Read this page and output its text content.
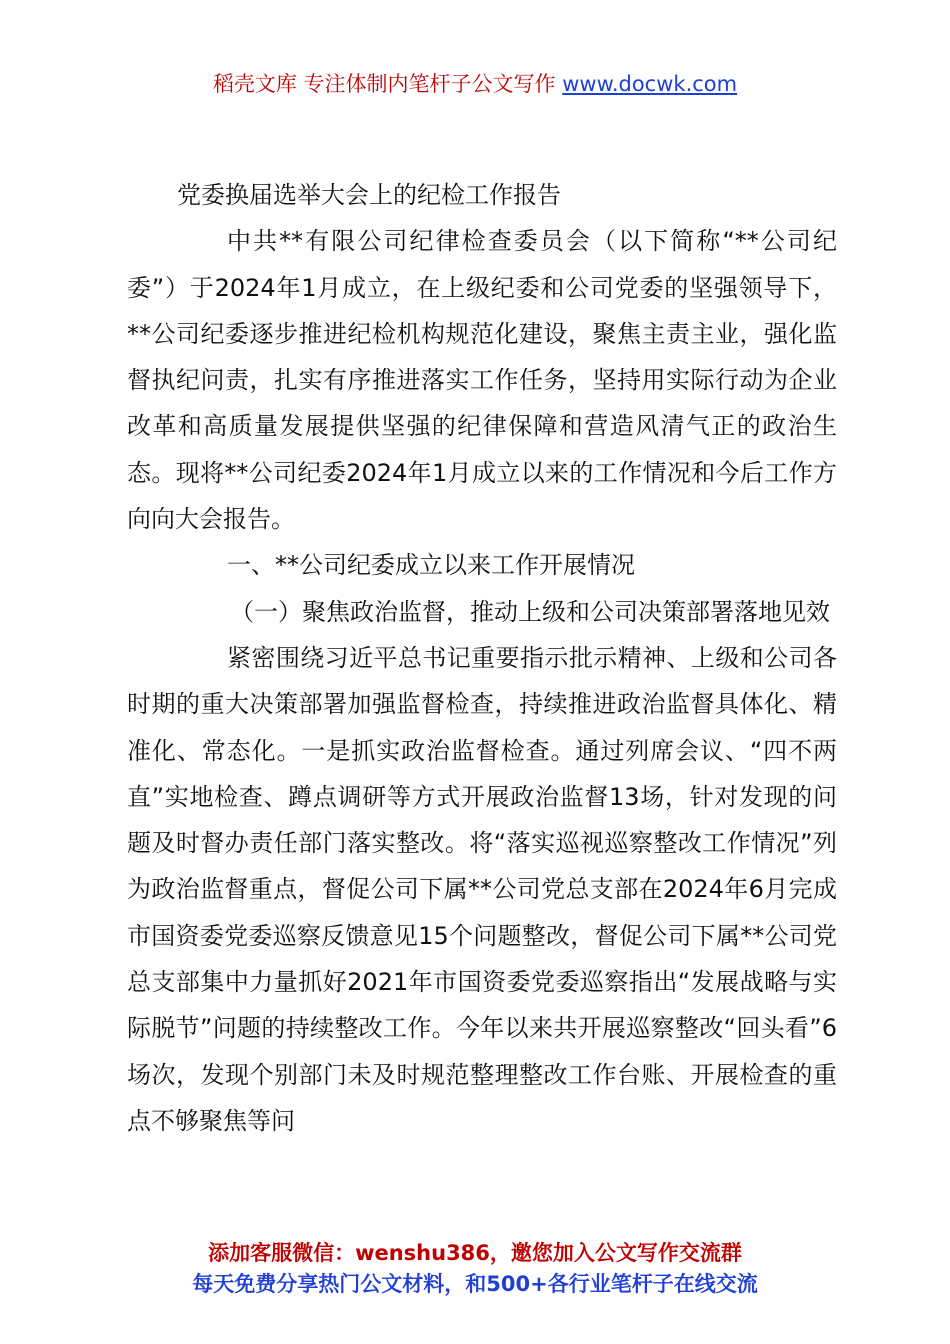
稻壳文库 专注体制内笔杆子公文写作 www.docwk.com

党委换届选举大会上的纪检工作报告

中共**有限公司纪律检查委员会（以下简称“**公司纪委”）于2024年1月成立，在上级纪委和公司党委的坚强领导下，**公司纪委逐步推进纪检机构规范化建设，聚焦主责主业，强化监督执纪问责，扎实有序推进落实工作任务，坚持用实际行动为企业改革和高质量发展提供坚强的纪律保障和营造风清气正的政治生态。现将**公司纪委2024年1月成立以来的工作情况和今后工作方向向大会报告。

一、**公司纪委成立以来工作开展情况

（一）聚焦政治监督，推动上级和公司决策部署落地见效

紧密围绕习近平总书记重要指示批示精神、上级和公司各时期的重大决策部署加强监督检查，持续推进政治监督具体化、精准化、常态化。一是抓实政治监督检查。通过列席会议、“四不两直”实地检查、蹲点调研等方式开展政治监督13场，针对发现的问题及时督办责任部门落实整改。将“落实巡视巡察整改工作情况”列为政治监督重点，督促公司下属**公司党总支部在2024年6月完成市国资委党委巡察反馈意见15个问题整改，督促公司下属**公司党总支部集中力量抓好2021年市国资委党委巡察指出“发展战略与实际脱节”问题的持续整改工作。今年以来共开展巡察整改“回头看”6场次，发现个别部门未及时规范整理整改工作台账、开展检查的重点不够聚焦等问

添加客服微信：wenshu386，邀您加入公文写作交流群
每天免费分享热门公文材料，和500+各行业笔杆子在线交流
